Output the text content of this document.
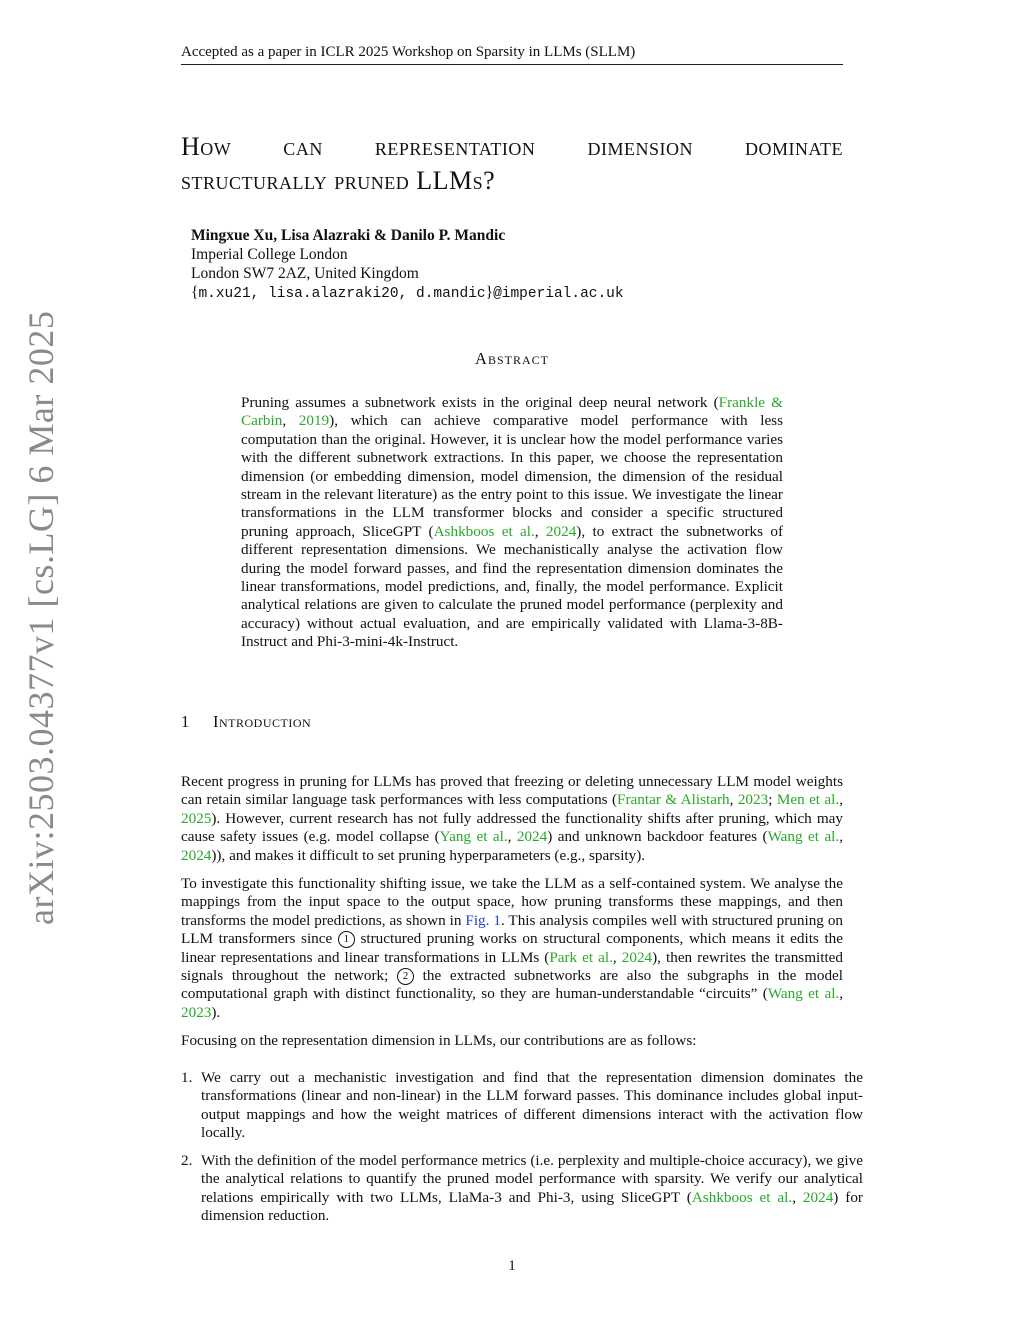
Accepted as a paper in ICLR 2025 Workshop on Sparsity in LLMs (SLLM)
arXiv:2503.04377v1 [cs.LG] 6 Mar 2025
How can representation dimension dominate
structurally pruned LLMs?
Mingxue Xu, Lisa Alazraki & Danilo P. Mandic
Imperial College London
London SW7 2AZ, United Kingdom
{m.xu21, lisa.alazraki20, d.mandic}@imperial.ac.uk
Abstract
Pruning assumes a subnetwork exists in the original deep neural network (Frankle & Carbin, 2019), which can achieve comparative model performance with less computation than the original. However, it is unclear how the model performance varies with the different subnetwork extractions. In this paper, we choose the representation dimension (or embedding dimension, model dimension, the dimension of the residual stream in the relevant literature) as the entry point to this issue. We investigate the linear transformations in the LLM transformer blocks and consider a specific structured pruning approach, SliceGPT (Ashkboos et al., 2024), to extract the subnetworks of different representation dimensions. We mechanistically analyse the activation flow during the model forward passes, and find the representation dimension dominates the linear transformations, model predictions, and, finally, the model performance. Explicit analytical relations are given to calculate the pruned model performance (perplexity and accuracy) without actual evaluation, and are empirically validated with Llama-3-8B-Instruct and Phi-3-mini-4k-Instruct.
1 Introduction
Recent progress in pruning for LLMs has proved that freezing or deleting unnecessary LLM model weights can retain similar language task performances with less computations (Frantar & Alistarh, 2023; Men et al., 2025). However, current research has not fully addressed the functionality shifts after pruning, which may cause safety issues (e.g. model collapse (Yang et al., 2024) and unknown backdoor features (Wang et al., 2024)), and makes it difficult to set pruning hyperparameters (e.g., sparsity).
To investigate this functionality shifting issue, we take the LLM as a self-contained system. We analyse the mappings from the input space to the output space, how pruning transforms these mappings, and then transforms the model predictions, as shown in Fig. 1. This analysis compiles well with structured pruning on LLM transformers since 1 structured pruning works on structural components, which means it edits the linear representations and linear transformations in LLMs (Park et al., 2024), then rewrites the transmitted signals throughout the network; 2 the extracted subnetworks are also the subgraphs in the model computational graph with distinct functionality, so they are human-understandable “circuits” (Wang et al., 2023).
Focusing on the representation dimension in LLMs, our contributions are as follows:
1. We carry out a mechanistic investigation and find that the representation dimension dominates the transformations (linear and non-linear) in the LLM forward passes. This dominance includes global input-output mappings and how the weight matrices of different dimensions interact with the activation flow locally.
2. With the definition of the model performance metrics (i.e. perplexity and multiple-choice accuracy), we give the analytical relations to quantify the pruned model performance with sparsity. We verify our analytical relations empirically with two LLMs, LlaMa-3 and Phi-3, using SliceGPT (Ashkboos et al., 2024) for dimension reduction.
1
